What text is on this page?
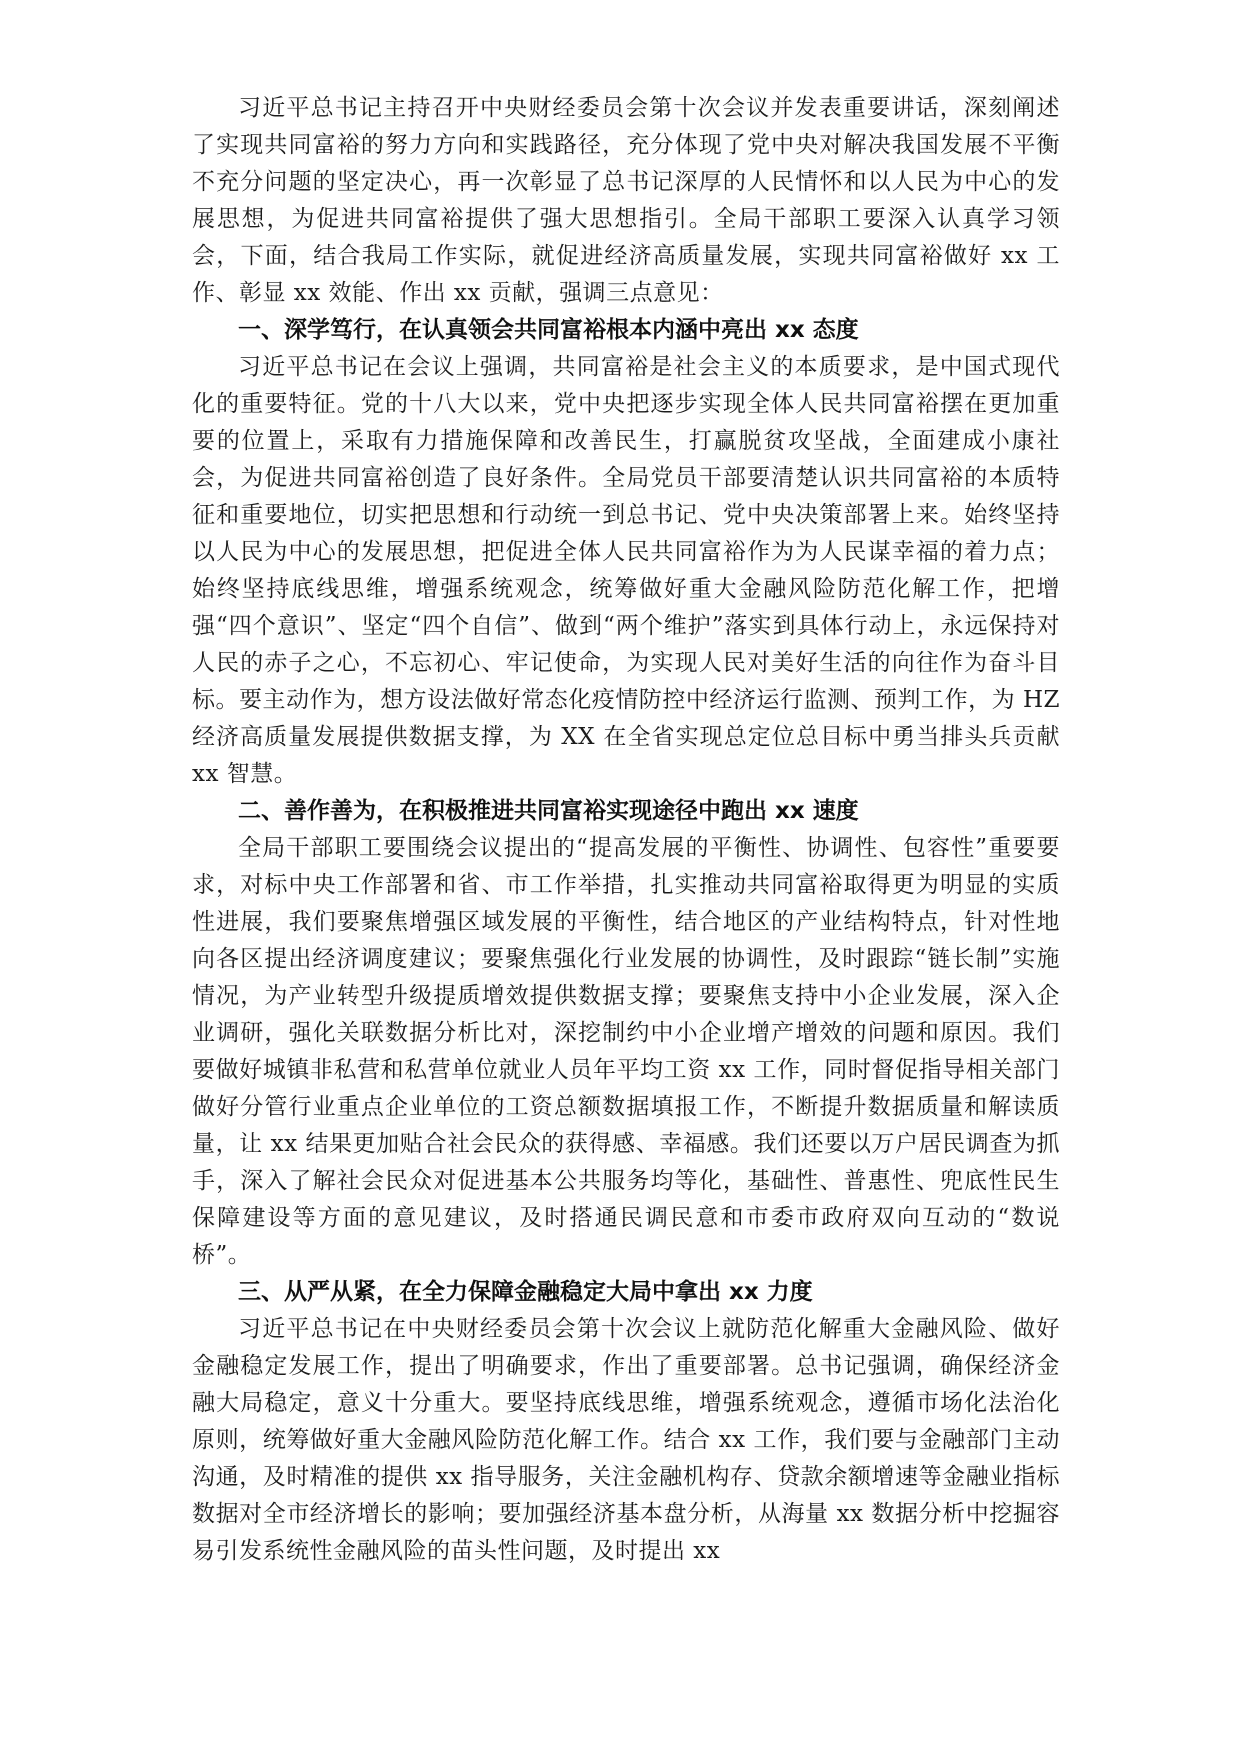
习近平总书记主持召开中央财经委员会第十次会议并发表重要讲话，深刻阐述了实现共同富裕的努力方向和实践路径，充分体现了党中央对解决我国发展不平衡不充分问题的坚定决心，再一次彰显了总书记深厚的人民情怀和以人民为中心的发展思想，为促进共同富裕提供了强大思想指引。全局干部职工要深入认真学习领会，下面，结合我局工作实际，就促进经济高质量发展，实现共同富裕做好 xx 工作、彰显 xx 效能、作出 xx 贡献，强调三点意见：

一、深学笃行，在认真领会共同富裕根本内涵中亮出 xx 态度

习近平总书记在会议上强调，共同富裕是社会主义的本质要求，是中国式现代化的重要特征。党的十八大以来，党中央把逐步实现全体人民共同富裕摆在更加重要的位置上，采取有力措施保障和改善民生，打赢脱贫攻坚战，全面建成小康社会，为促进共同富裕创造了良好条件。全局党员干部要清楚认识共同富裕的本质特征和重要地位，切实把思想和行动统一到总书记、党中央决策部署上来。始终坚持以人民为中心的发展思想，把促进全体人民共同富裕作为为人民谋幸福的着力点；始终坚持底线思维，增强系统观念，统筹做好重大金融风险防范化解工作，把增强“四个意识”、坚定“四个自信”、做到“两个维护”落实到具体行动上，永远保持对人民的赤子之心，不忘初心、牢记使命，为实现人民对美好生活的向往作为奋斗目标。要主动作为，想方设法做好常态化疫情防控中经济运行监测、预判工作，为 HZ 经济高质量发展提供数据支撑，为 XX 在全省实现总定位总目标中勇当排头兵贡献 xx 智慧。

二、善作善为，在积极推进共同富裕实现途径中跑出 xx 速度

全局干部职工要围绕会议提出的“提高发展的平衡性、协调性、包容性”重要要求，对标中央工作部署和省、市工作举措，扎实推动共同富裕取得更为明显的实质性进展，我们要聚焦增强区域发展的平衡性，结合地区的产业结构特点，针对性地向各区提出经济调度建议；要聚焦强化行业发展的协调性，及时跟踪“链长制”实施情况，为产业转型升级提质增效提供数据支撑；要聚焦支持中小企业发展，深入企业调研，强化关联数据分析比对，深挖制约中小企业增产增效的问题和原因。我们要做好城镇非私营和私营单位就业人员年平均工资 xx 工作，同时督促指导相关部门做好分管行业重点企业单位的工资总额数据填报工作，不断提升数据质量和解读质量，让 xx 结果更加贴合社会民众的获得感、幸福感。我们还要以万户居民调查为抓手，深入了解社会民众对促进基本公共服务均等化，基础性、普惠性、兜底性民生保障建设等方面的意见建议，及时搭通民调民意和市委市政府双向互动的“数说桥”。

三、从严从紧，在全力保障金融稳定大局中拿出 xx 力度

习近平总书记在中央财经委员会第十次会议上就防范化解重大金融风险、做好金融稳定发展工作，提出了明确要求，作出了重要部署。总书记强调，确保经济金融大局稳定，意义十分重大。要坚持底线思维，增强系统观念，遵循市场化法治化原则，统筹做好重大金融风险防范化解工作。结合 xx 工作，我们要与金融部门主动沟通，及时精准的提供 xx 指导服务，关注金融机构存、贷款余额增速等金融业指标数据对全市经济增长的影响；要加强经济基本盘分析，从海量 xx 数据分析中挖掘容易引发系统性金融风险的苗头性问题，及时提出 xx
